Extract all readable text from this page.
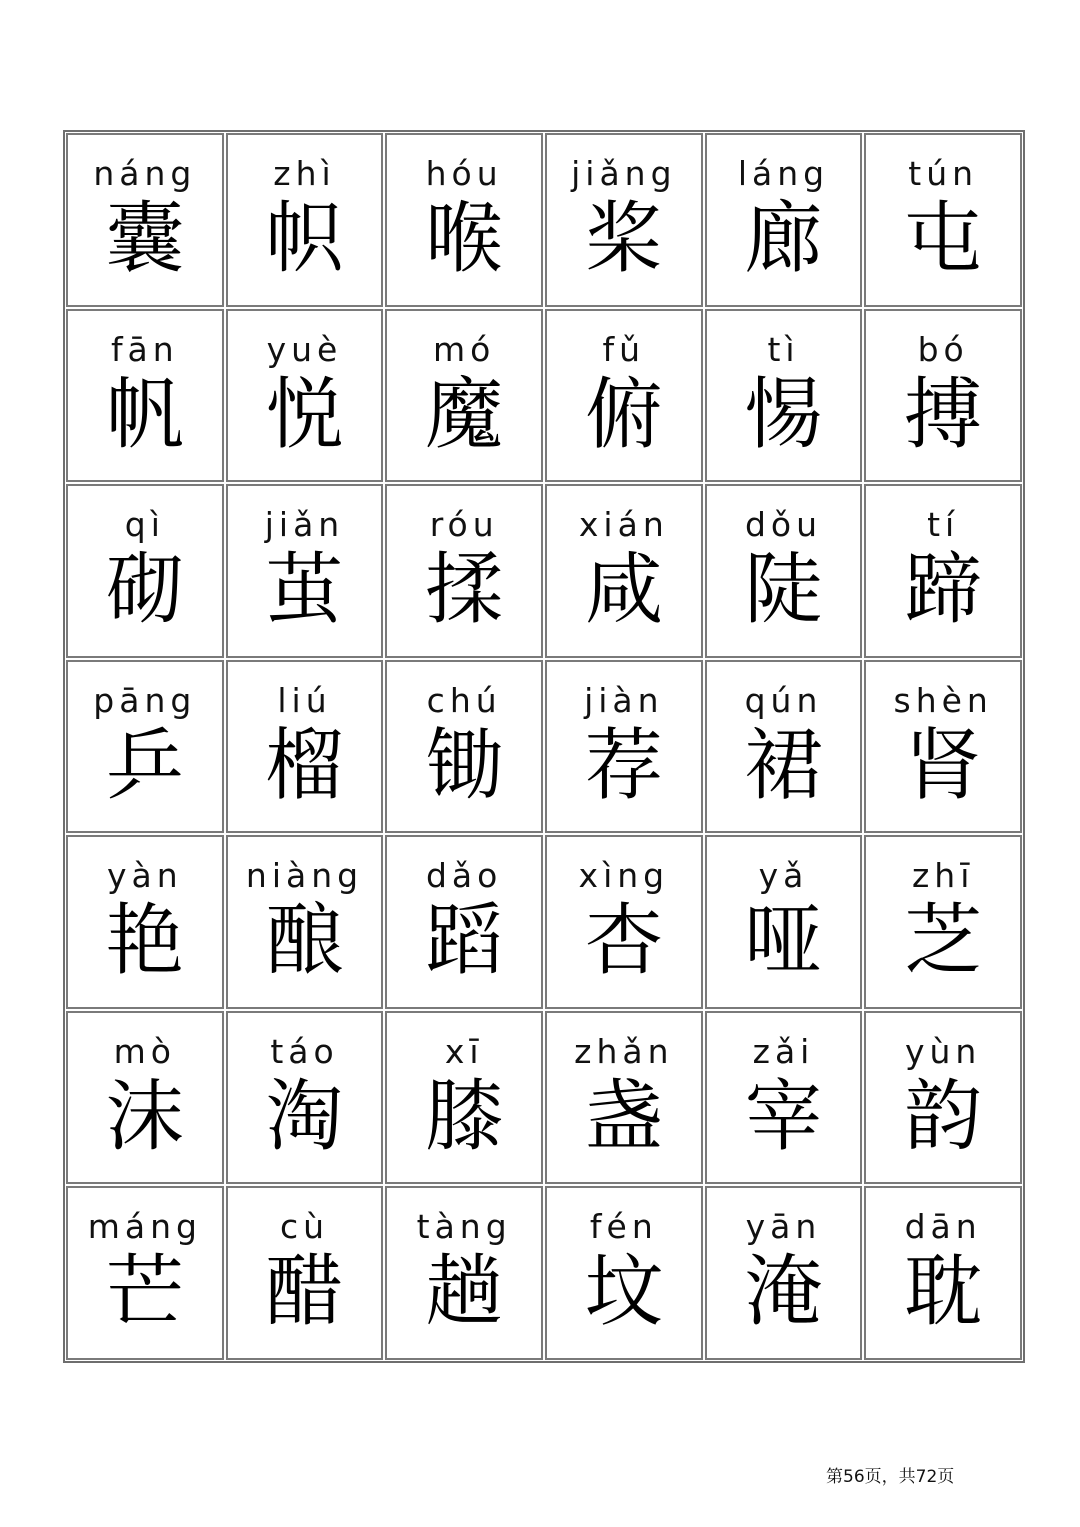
náng
囊
zhì
帜
hóu
喉
jiǎng
桨
láng
廊
tún
屯
fān
帆
yuè
悦
mó
魔
fǔ
俯
tì
惕
bó
搏
qì
砌
jiǎn
茧
róu
揉
xián
咸
dǒu
陡
tí
蹄
pāng
乒
liú
榴
chú
锄
jiàn
荐
qún
裙
shèn
肾
yàn
艳
niàng
酿
dǎo
蹈
xìng
杏
yǎ
哑
zhī
芝
mò
沫
táo
淘
xī
膝
zhǎn
盏
zǎi
宰
yùn
韵
máng
芒
cù
醋
tàng
趟
fén
坟
yān
淹
dān
耽
第56页，共72页
